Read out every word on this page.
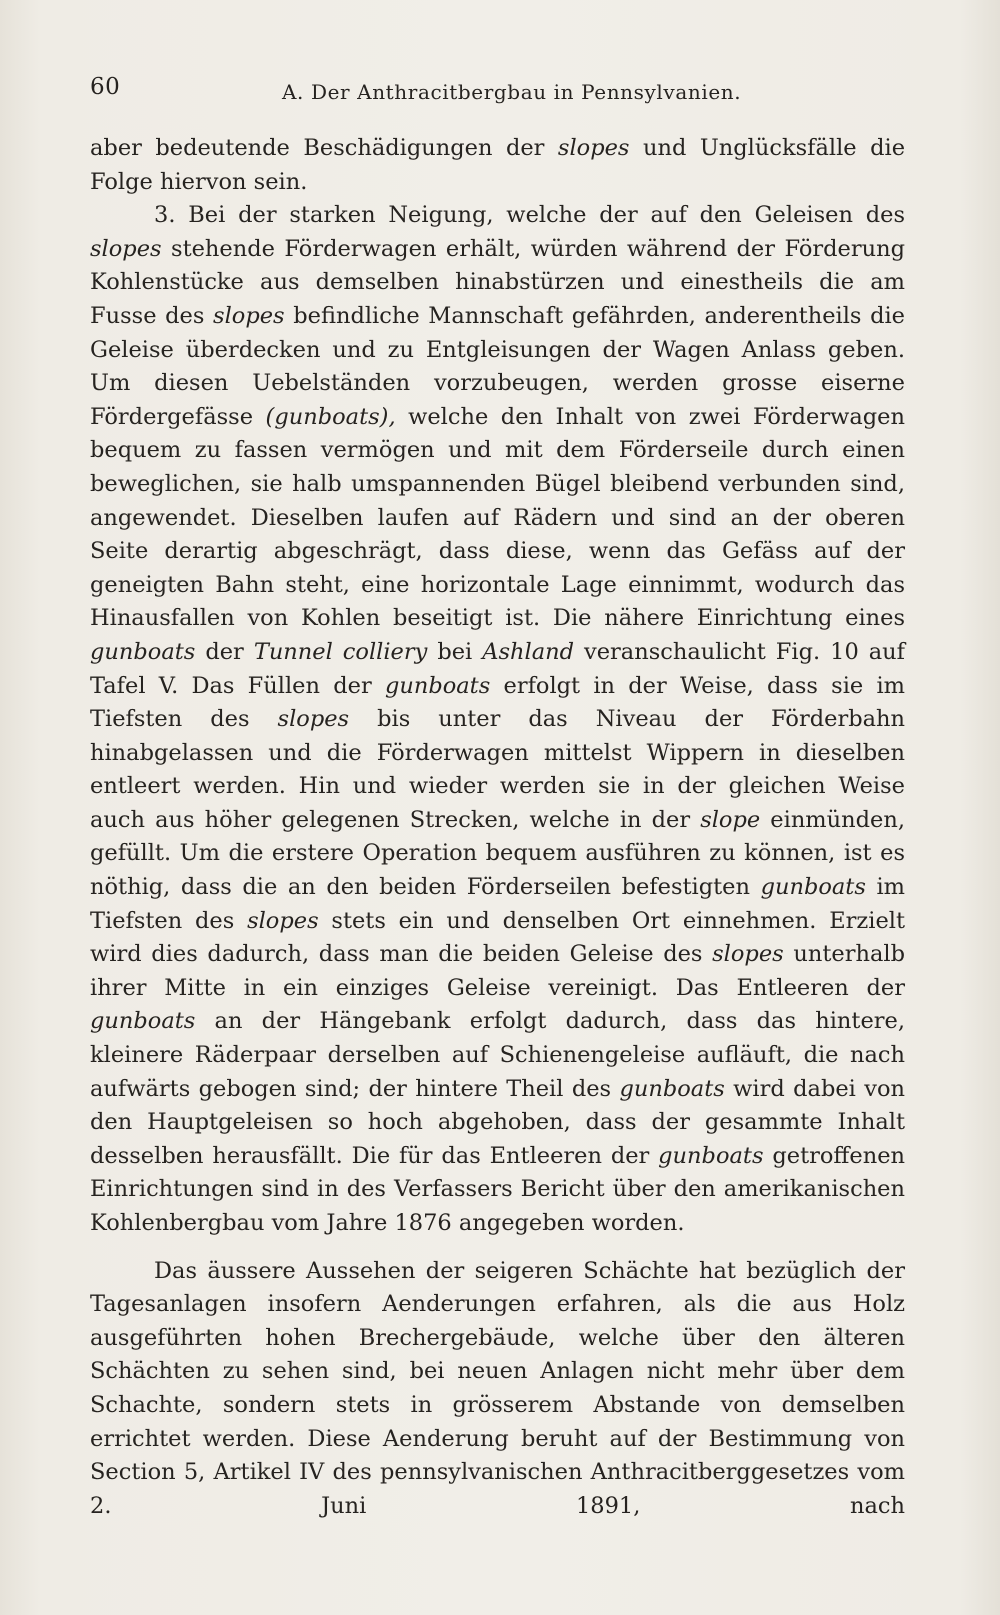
60	A. Der Anthracitbergbau in Pennsylvanien.

aber bedeutende Beschädigungen der slopes und Unglücksfälle die Folge hiervon sein.

3. Bei der starken Neigung, welche der auf den Geleisen des slopes stehende Förderwagen erhält, würden während der Förderung Kohlenstücke aus demselben hinabstürzen und einestheils die am Fusse des slopes befindliche Mannschaft gefährden, anderentheils die Geleise überdecken und zu Entgleisungen der Wagen Anlass geben. Um diesen Uebelständen vorzubeugen, werden grosse eiserne Fördergefässe (gunboats), welche den Inhalt von zwei Förderwagen bequem zu fassen vermögen und mit dem Förderseile durch einen beweglichen, sie halb umspannenden Bügel bleibend verbunden sind, angewendet. Dieselben laufen auf Rädern und sind an der oberen Seite derartig abgeschrägt, dass diese, wenn das Gefäss auf der geneigten Bahn steht, eine horizontale Lage einnimmt, wodurch das Hinausfallen von Kohlen beseitigt ist. Die nähere Einrichtung eines gunboats der Tunnel colliery bei Ashland veranschaulicht Fig. 10 auf Tafel V. Das Füllen der gunboats erfolgt in der Weise, dass sie im Tiefsten des slopes bis unter das Niveau der Förderbahn hinabgelassen und die Förderwagen mittelst Wippern in dieselben entleert werden. Hin und wieder werden sie in der gleichen Weise auch aus höher gelegenen Strecken, welche in der slope einmünden, gefüllt. Um die erstere Operation bequem ausführen zu können, ist es nöthig, dass die an den beiden Förderseilen befestigten gunboats im Tiefsten des slopes stets ein und denselben Ort einnehmen. Erzielt wird dies dadurch, dass man die beiden Geleise des slopes unterhalb ihrer Mitte in ein einziges Geleise vereinigt. Das Entleeren der gunboats an der Hängebank erfolgt dadurch, dass das hintere, kleinere Räderpaar derselben auf Schienengeleise aufläuft, die nach aufwärts gebogen sind; der hintere Theil des gunboats wird dabei von den Hauptgeleisen so hoch abgehoben, dass der gesammte Inhalt desselben herausfällt. Die für das Entleeren der gunboats getroffenen Einrichtungen sind in des Verfassers Bericht über den amerikanischen Kohlenbergbau vom Jahre 1876 angegeben worden.

Das äussere Aussehen der seigeren Schächte hat bezüglich der Tagesanlagen insofern Aenderungen erfahren, als die aus Holz ausgeführten hohen Brechergebäude, welche über den älteren Schächten zu sehen sind, bei neuen Anlagen nicht mehr über dem Schachte, sondern stets in grösserem Abstande von demselben errichtet werden. Diese Aenderung beruht auf der Bestimmung von Section 5, Artikel IV des pennsylvanischen Anthracitberggesetzes vom 2. Juni 1891, nach
